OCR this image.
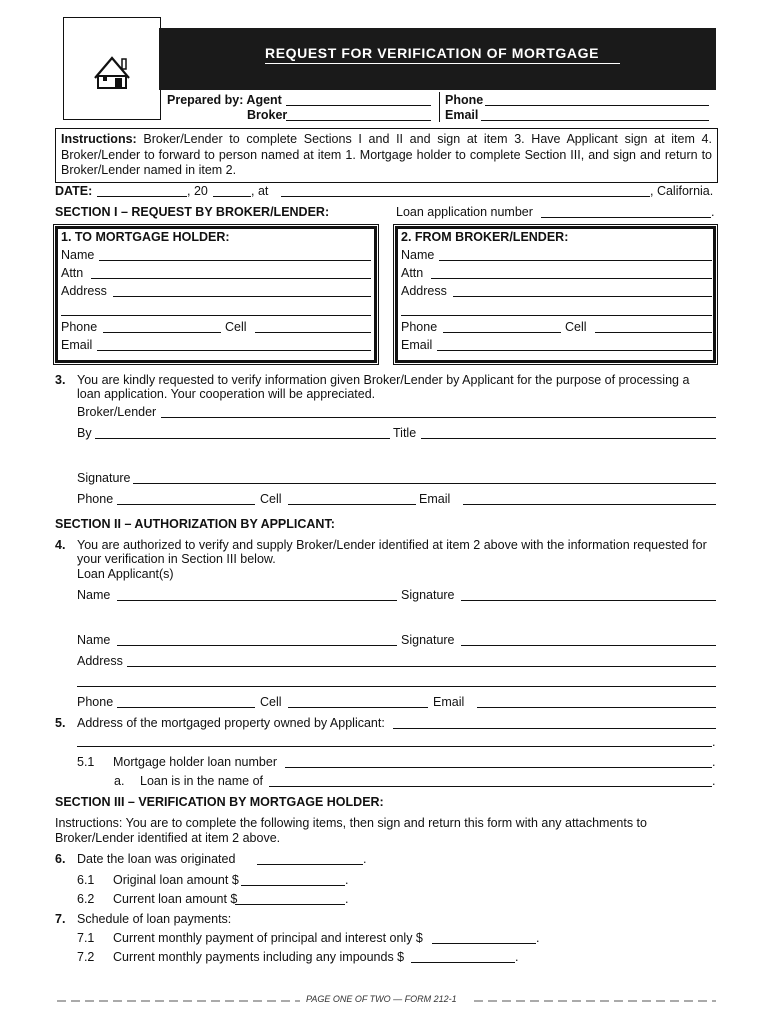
REQUEST FOR VERIFICATION OF MORTGAGE
Prepared by: Agent
Broker
Phone
Email
Instructions: Broker/Lender to complete Sections I and II and sign at item 3. Have Applicant sign at item 4. Broker/Lender to forward to person named at item 1. Mortgage holder to complete Section III, and sign and return to Broker/Lender named in item 2.
DATE:	, 20	, at	, California.
SECTION I – REQUEST BY BROKER/LENDER:	Loan application number	.
1. TO MORTGAGE HOLDER:
Name
Attn
Address
Phone	Cell
Email
2. FROM BROKER/LENDER:
Name
Attn
Address
Phone	Cell
Email
3. You are kindly requested to verify information given Broker/Lender by Applicant for the purpose of processing a
loan application. Your cooperation will be appreciated.
Broker/Lender
By	Title
Signature
Phone	Cell	Email
SECTION II – AUTHORIZATION BY APPLICANT:
4. You are authorized to verify and supply Broker/Lender identified at item 2 above with the information requested for
your verification in Section III below.
Loan Applicant(s)
Name	Signature
Name	Signature
Address
Phone	Cell	Email
5. Address of the mortgaged property owned by Applicant:
.
5.1 Mortgage holder loan number	.
a. Loan is in the name of	.
SECTION III – VERIFICATION BY MORTGAGE HOLDER:
Instructions: You are to complete the following items, then sign and return this form with any attachments to
Broker/Lender identified at item 2 above.
6. Date the loan was originated	.
6.1 Original loan amount $	.
6.2 Current loan amount $	.
7. Schedule of loan payments:
7.1 Current monthly payment of principal and interest only $	.
7.2 Current monthly payments including any impounds $	.
PAGE ONE OF TWO — FORM 212-1
